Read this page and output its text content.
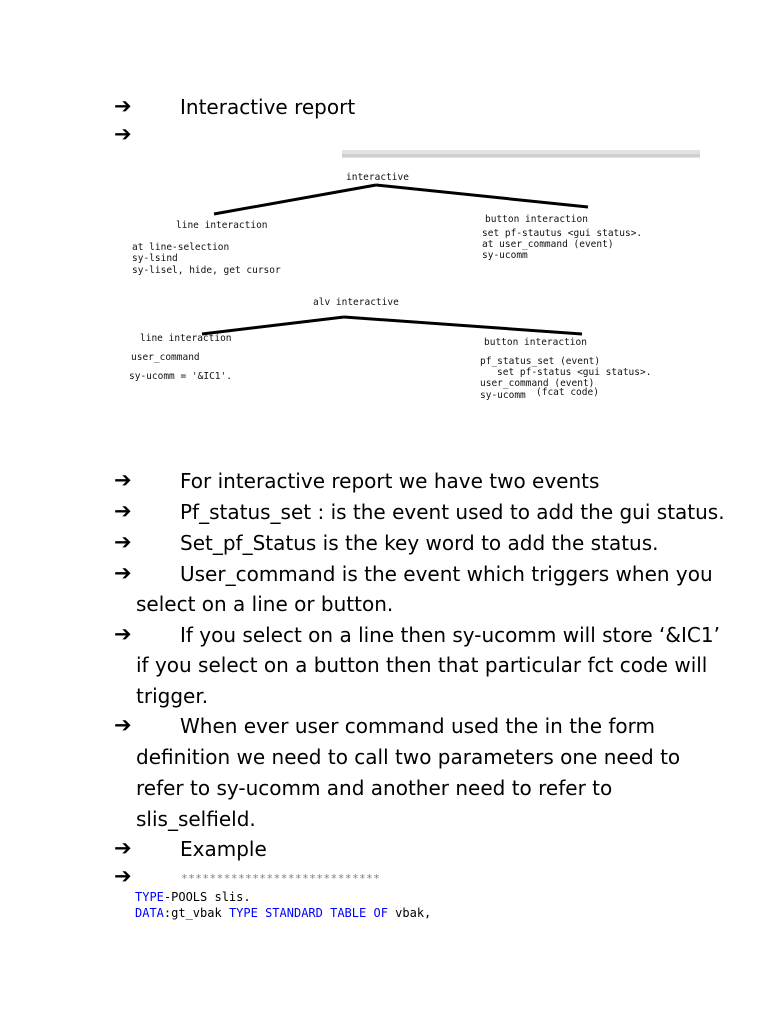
➔
➔
➔
➔
➔
➔
➔
➔
➔
➔
Interactive report
interactive
line interaction
at line-selection
sy-lsind
sy-lisel, hide, get cursor
button interaction
set pf-stautus <gui status>.
at user_command (event)
sy-ucomm
alv interactive
line interaction
user_command
sy-ucomm = '&IC1'.
button interaction
pf_status_set (event)
set pf-status <gui status>.
user_command (event)
sy-ucomm (fcat code)
For interactive report we have two events
Pf_status_set : is the event used to add the gui status.
Set_pf_Status is the key word to add the status.
User_command is the event which triggers when you
select on a line or button.
If you select on a line then sy-ucomm will store ‘&IC1’
if you select on a button then that particular fct code will
trigger.
When ever user command used the in the form
definition we need to call two parameters one need to
refer to sy-ucomm and another need to refer to
slis_selfield.
Example
****************************
TYPE-POOLS slis.
DATA:gt_vbak TYPE STANDARD TABLE OF vbak,
